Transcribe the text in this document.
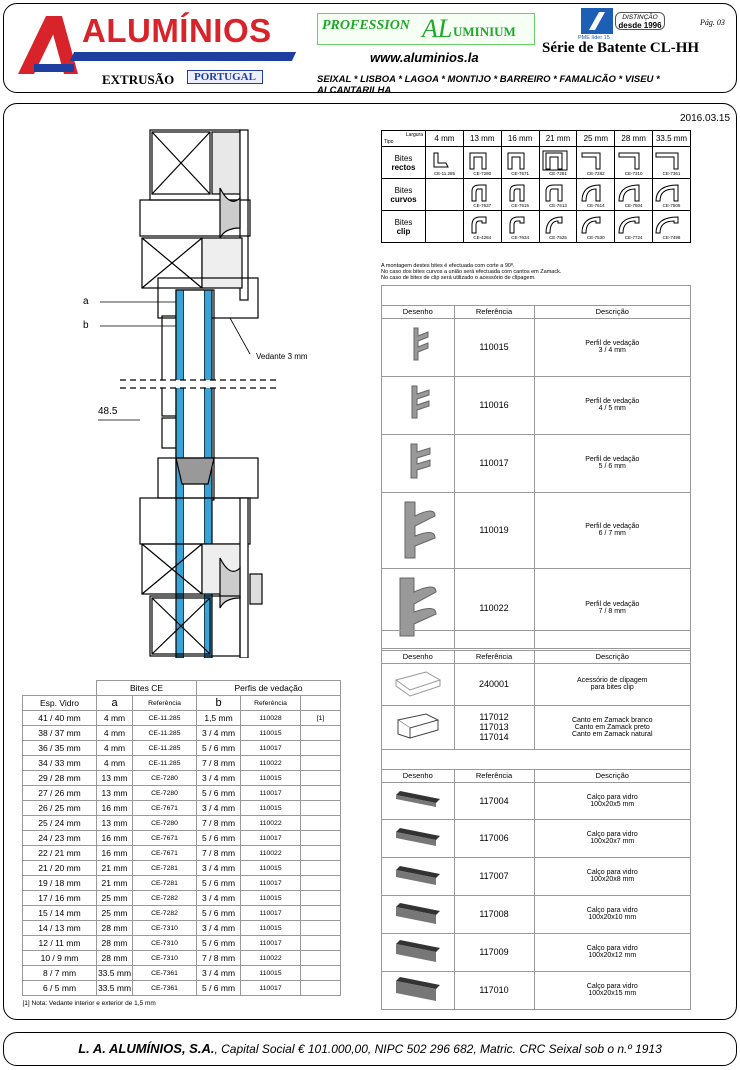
ALUMÍNIOS
EXTRUSÃO	PORTUGAL
PROFESSION AL UMINIUM
www.aluminios.la
PME líder 15
DISTINÇÃO
desde 1996	Pág. 03
Série de Batente CL-HH
SEIXAL * LISBOA * LAGOA * MONTIJO * BARREIRO * FAMALICÃO * VISEU * ALCANTARILHA
2016.03.15
a
b
Vedante 3 mm
48.5
Largura
Tipo	4 mm	13 mm	16 mm	21 mm	25 mm	28 mm	33.5 mm
Bites
rectos	CE-11.285	CE-7280	CE-7671	CE-7281	CE-7282	CE-7310	CE-7361

Bites
curvos		CE-7637	CE-7615	CE-7613	CE-7614	CE-7504	CE-7505

Bites
clip		CE-4284	CE-7634	CE-7525	CE-7530	CE-7724	CE-7498
A montagem destes bites é efectuada com corte a 90º.
No caso dos bites curvos a união será efectuada com cantos em Zamack.
No caso de bites de clip será utilizado o acessório de clipagem.
Desenho	Referência	Descrição
	110015	Perfil de vedação
3 / 4 mm
	110016	Perfil de vedação
4 / 5 mm
	110017	Perfil de vedação
5 / 6 mm
	110019	Perfil de vedação
6 / 7 mm
	110022	Perfil de vedação
7 / 8 mm
Desenho	Referência	Descrição
	240001	Acessório de clipagem
para bites clip
	117012
117013
117014	Canto em Zamack branco
Canto em Zamack preto
Canto em Zamack natural
Desenho	Referência	Descrição
	117004	Calço para vidro
100x20x5 mm
	117006	Calço para vidro
100x20x7 mm
	117007	Calço para vidro
100x20x8 mm
	117008	Calço para vidro
100x20x10 mm
	117009	Calço para vidro
100x20x12 mm
	117010	Calço para vidro
100x20x15 mm
	Bites CE		Perfis de vedação		
Esp. Vidro	a	Referência	b	Referência	
41 / 40 mm	4 mm	CE-11.285	1,5 mm	110028	[1]
38 / 37 mm	4 mm	CE-11.285	3 / 4 mm	110015	
36 / 35 mm	4 mm	CE-11.285	5 / 6 mm	110017	
34 / 33 mm	4 mm	CE-11.285	7 / 8 mm	110022	
29 / 28 mm	13 mm	CE-7280	3 / 4 mm	110015	
27 / 26 mm	13 mm	CE-7280	5 / 6 mm	110017	
26 / 25 mm	16 mm	CE-7671	3 / 4 mm	110015	
25 / 24 mm	13 mm	CE-7280	7 / 8 mm	110022	
24 / 23 mm	16 mm	CE-7671	5 / 6 mm	110017	
22 / 21 mm	16 mm	CE-7671	7 / 8 mm	110022	
21 / 20 mm	21 mm	CE-7281	3 / 4 mm	110015	
19 / 18 mm	21 mm	CE-7281	5 / 6 mm	110017	
17 / 16 mm	25 mm	CE-7282	3 / 4 mm	110015	
15 / 14 mm	25 mm	CE-7282	5 / 6 mm	110017	
14 / 13 mm	28 mm	CE-7310	3 / 4 mm	110015	
12 / 11 mm	28 mm	CE-7310	5 / 6 mm	110017	
10 / 9 mm	28 mm	CE-7310	7 / 8 mm	110022	
8 / 7 mm	33.5 mm	CE-7361	3 / 4 mm	110015	
6 / 5 mm	33.5 mm	CE-7361	5 / 6 mm	110017	
[1] Nota: Vedante interior e exterior de 1,5 mm					
L. A. ALUMÍNIOS, S.A., Capital Social € 101.000,00, NIPC 502 296 682, Matric. CRC Seixal sob o n.º 1913
